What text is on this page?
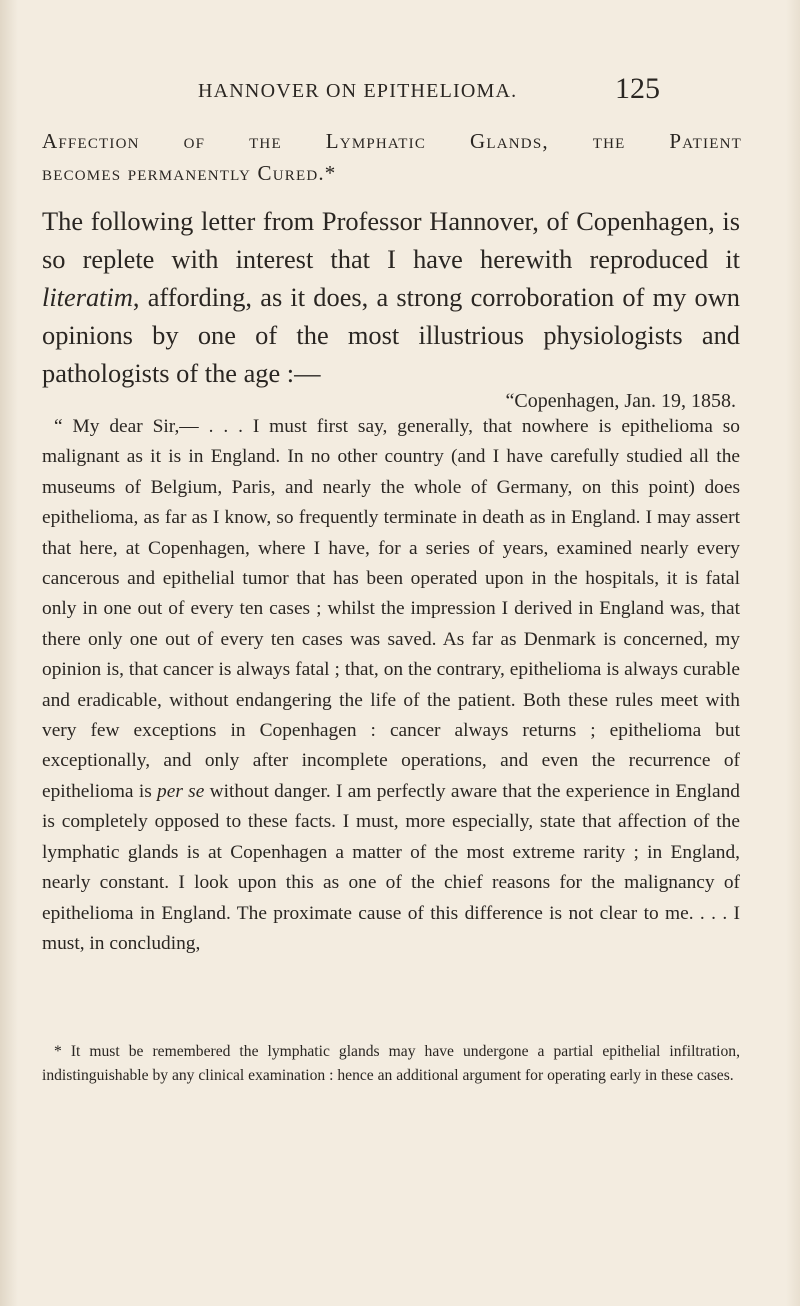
HANNOVER ON EPITHELIOMA.	125
Affection of the Lymphatic Glands, the Patient
becomes permanently Cured.*

The following letter from Professor Hannover, of Copenhagen, is so replete with interest that I have herewith reproduced it literatim, affording, as it does, a strong corroboration of my own opinions by one of the most illustrious physiologists and pathologists of the age :—

“Copenhagen, Jan. 19, 1858.

“ My dear Sir,— . . . I must first say, generally, that nowhere is epithelioma so malignant as it is in England. In no other country (and I have carefully studied all the museums of Belgium, Paris, and nearly the whole of Germany, on this point) does epithelioma, as far as I know, so frequently terminate in death as in England. I may assert that here, at Copenhagen, where I have, for a series of years, examined nearly every cancerous and epithelial tumor that has been operated upon in the hospitals, it is fatal only in one out of every ten cases ; whilst the impression I derived in England was, that there only one out of every ten cases was saved. As far as Denmark is concerned, my opinion is, that cancer is always fatal ; that, on the contrary, epithelioma is always curable and eradicable, without endangering the life of the patient. Both these rules meet with very few exceptions in Copenhagen : cancer always returns ; epithelioma but exceptionally, and only after incomplete operations, and even the recurrence of epithelioma is per se without danger. I am perfectly aware that the experience in England is completely opposed to these facts. I must, more especially, state that affection of the lymphatic glands is at Copenhagen a matter of the most extreme rarity ; in England, nearly constant. I look upon this as one of the chief reasons for the malignancy of epithelioma in England. The proximate cause of this difference is not clear to me. . . . I must, in concluding,

* It must be remembered the lymphatic glands may have undergone a partial epithelial infiltration, indistinguishable by any clinical examination : hence an additional argument for operating early in these cases.
